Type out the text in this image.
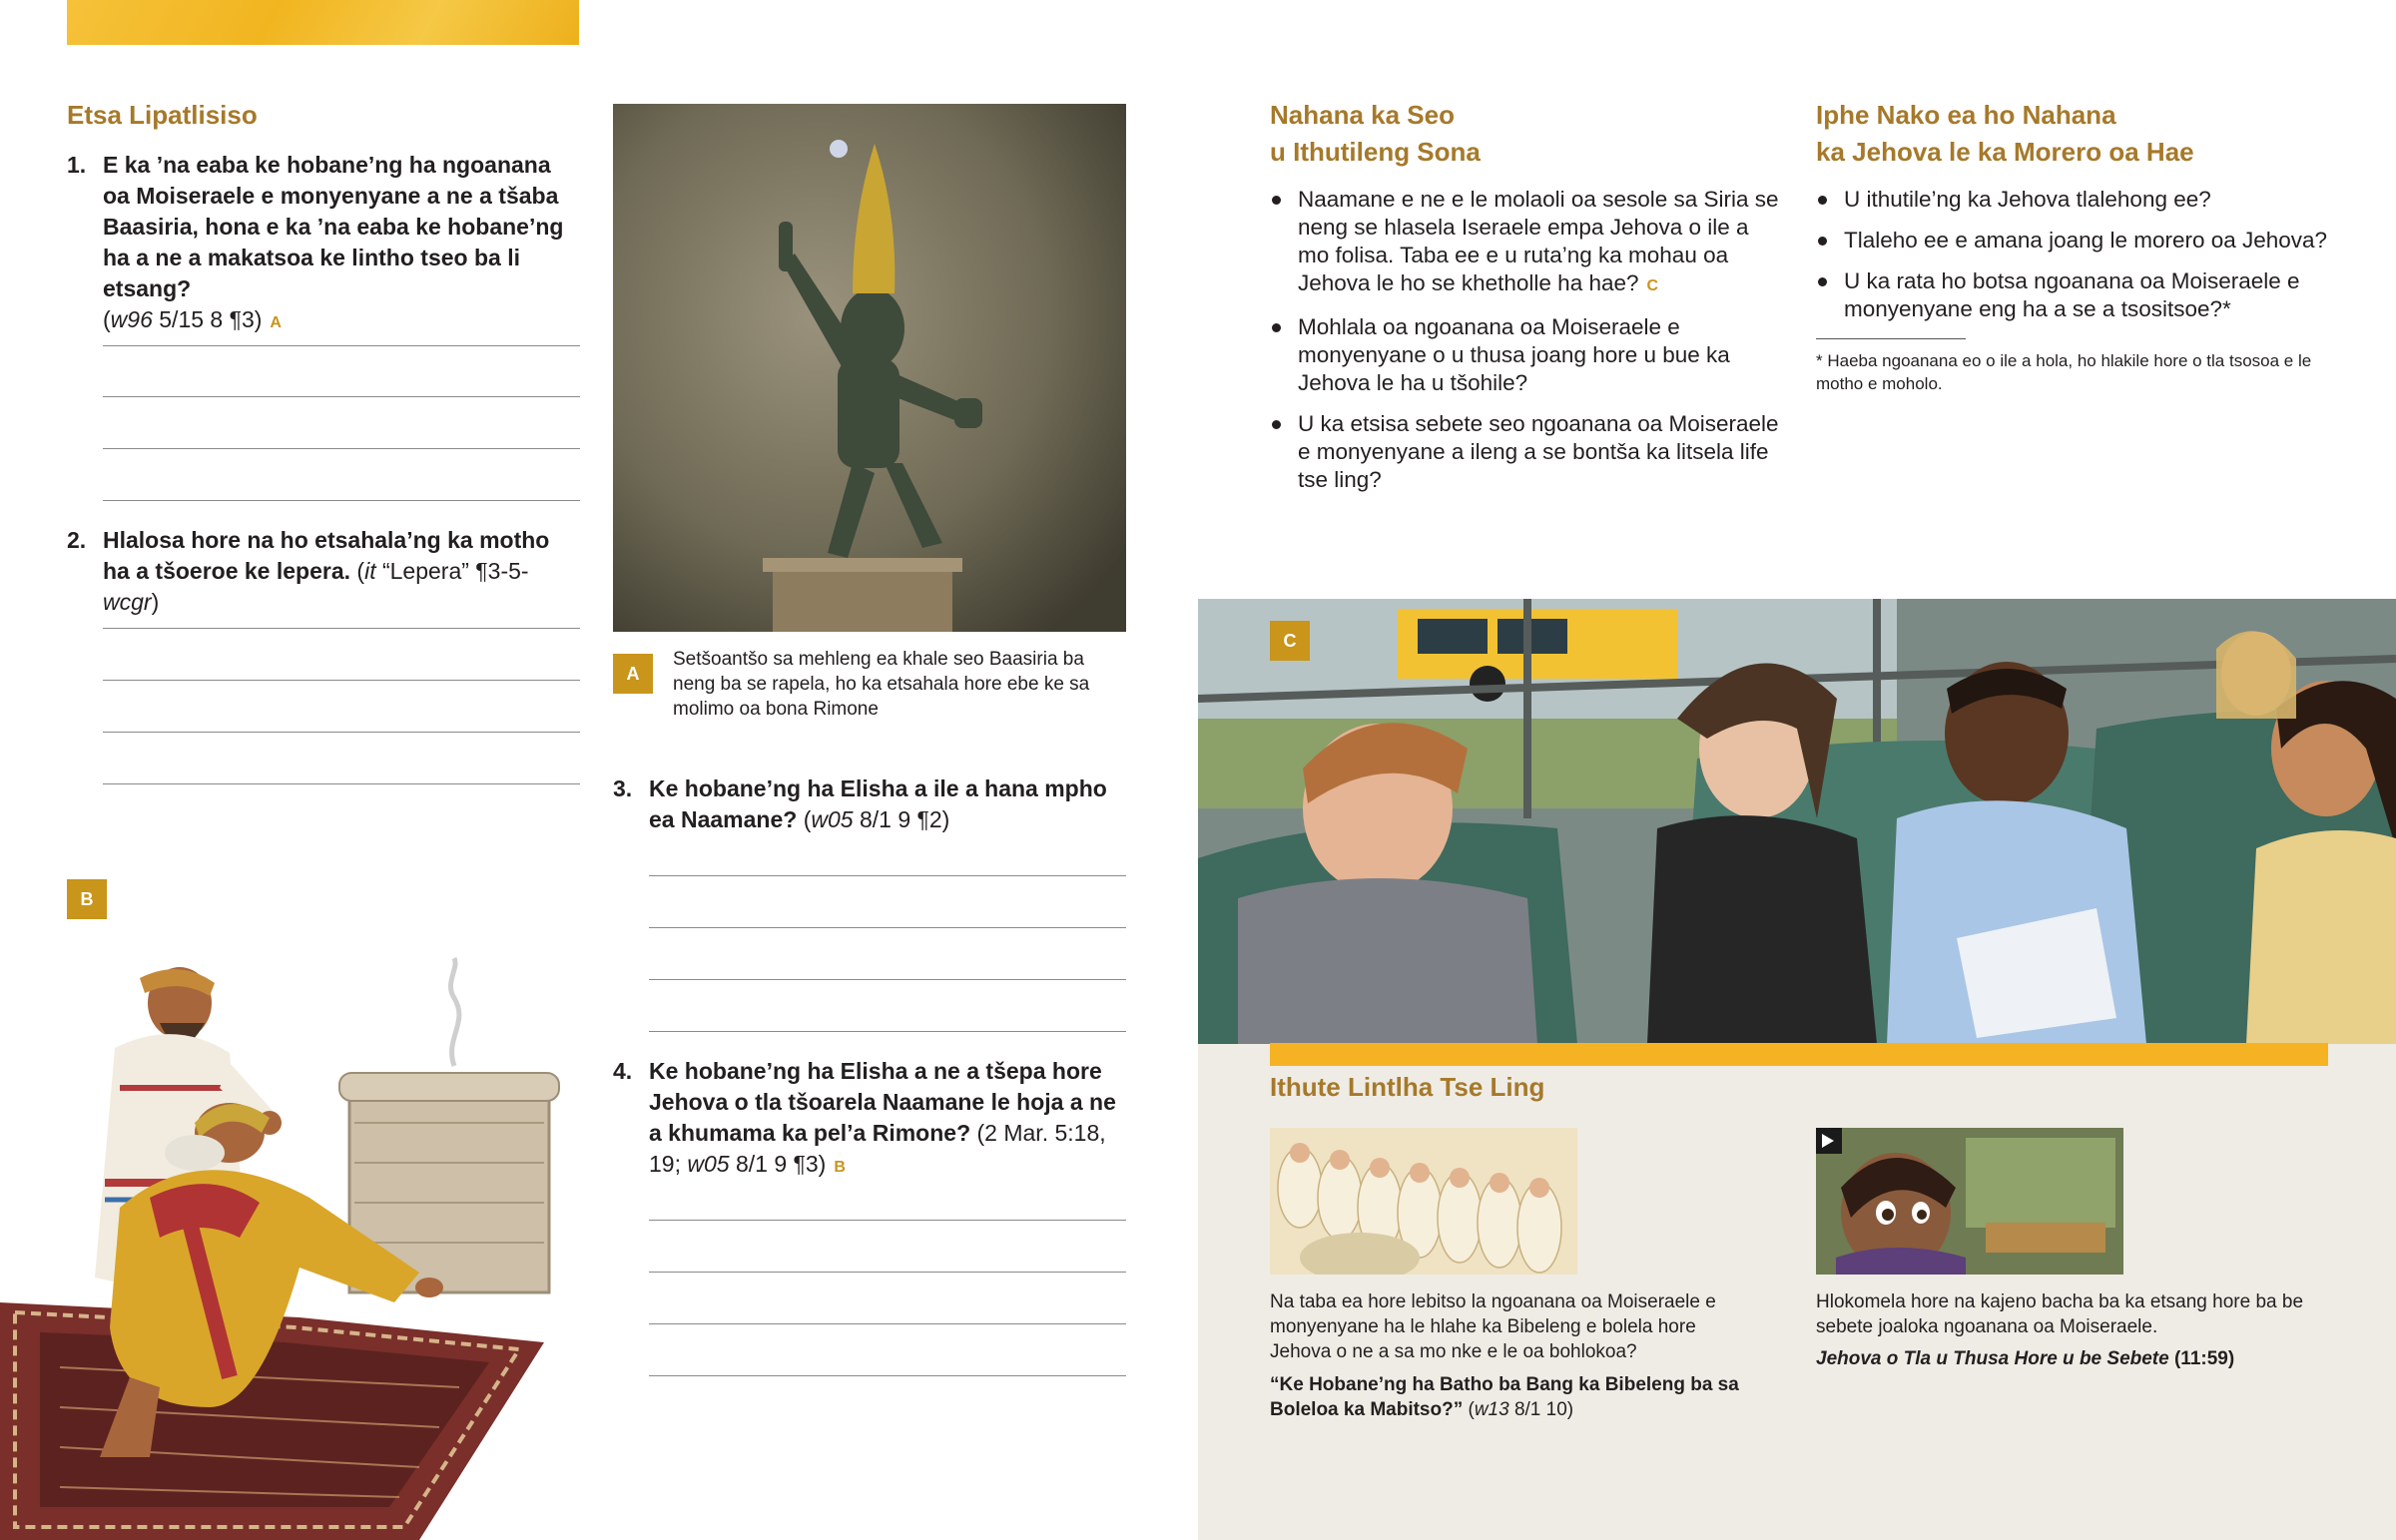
Etsa Lipatlisiso
1. E ka ’na eaba ke hobane’ng ha ngoanana oa Moiseraele e monyenyane a ne a tšaba Baasiria, hona e ka ’na eaba ke hobane’ng ha a ne a makatsoa ke lintho tseo ba li etsang?
(w96 5/15 8 ¶3) A
2. Hlalosa hore na ho etsahala’ng ka motho ha a tšoeroe ke lepera. (it “Lepera” ¶3-5-wcgr)
B
A
Setšoantšo sa mehleng ea khale seo Baasiria ba neng ba se rapela, ho ka etsahala hore ebe ke sa molimo oa bona Rimone
3. Ke hobane’ng ha Elisha a ile a hana mpho ea Naamane? (w05 8/1 9 ¶2)
4. Ke hobane’ng ha Elisha a ne a tšepa hore Jehova o tla tšoarela Naamane le hoja a ne a khumama ka pel’a Rimone? (2 Mar. 5:18, 19; w05 8/1 9 ¶3) B
Nahana ka Seo
u Ithutileng Sona
Naamane e ne e le molaoli oa sesole sa Siria se neng se hlasela Iseraele empa Jehova o ile a mo folisa. Taba ee e u ruta’ng ka mohau oa Jehova le ho se khetholle ha hae? C
Mohlala oa ngoanana oa Moiseraele e monyenyane o u thusa joang hore u bue ka Jehova le ha u tšohile?
U ka etsisa sebete seo ngoanana oa Moiseraele e monyenyane a ileng a se bontša ka litsela life tse ling?
Iphe Nako ea ho Nahana
ka Jehova le ka Morero oa Hae
U ithutile’ng ka Jehova tlalehong ee?
Tlaleho ee e amana joang le morero oa Jehova?
U ka rata ho botsa ngoanana oa Moiseraele e monyenyane eng ha a se a tsositsoe?*
* Haeba ngoanana eo o ile a hola, ho hlakile hore o tla tsosoa e le motho e moholo.
C
Ithute Lintlha Tse Ling
Na taba ea hore lebitso la ngoanana oa Moiseraele e monyenyane ha le hlahe ka Bibeleng e bolela hore Jehova o ne a sa mo nke e le oa bohlokoa?
“Ke Hobane’ng ha Batho ba Bang ka Bibeleng ba sa Boleloa ka Mabitso?” (w13 8/1 10)
Hlokomela hore na kajeno bacha ba ka etsang hore ba be sebete joaloka ngoanana oa Moiseraele.
Jehova o Tla u Thusa Hore u be Sebete (11:59)
